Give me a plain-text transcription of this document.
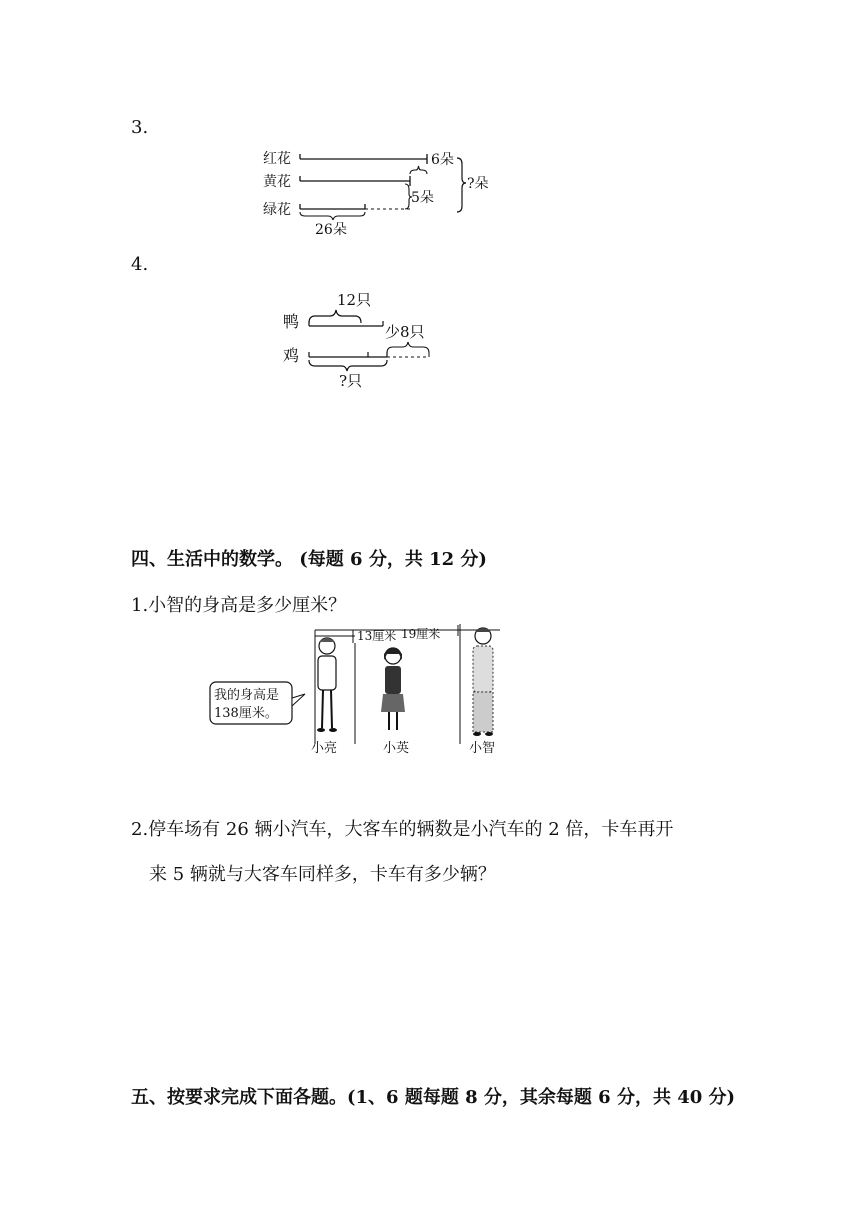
3.
红花
黄花
绿花
6朵
5朵
?朵
26朵
4.
12只
鸭
少8只
鸡
?只
四、生活中的数学。 (每题 6 分，共 12 分)
1.小智的身高是多少厘米？
13厘米 19厘米
我的身高是
138厘米。
小亮	小英	小智
2.停车场有 26 辆小汽车，大客车的辆数是小汽车的 2 倍，卡车再开
来 5 辆就与大客车同样多，卡车有多少辆？
五、按要求完成下面各题。(1、6 题每题 8 分，其余每题 6 分，共 40 分)
